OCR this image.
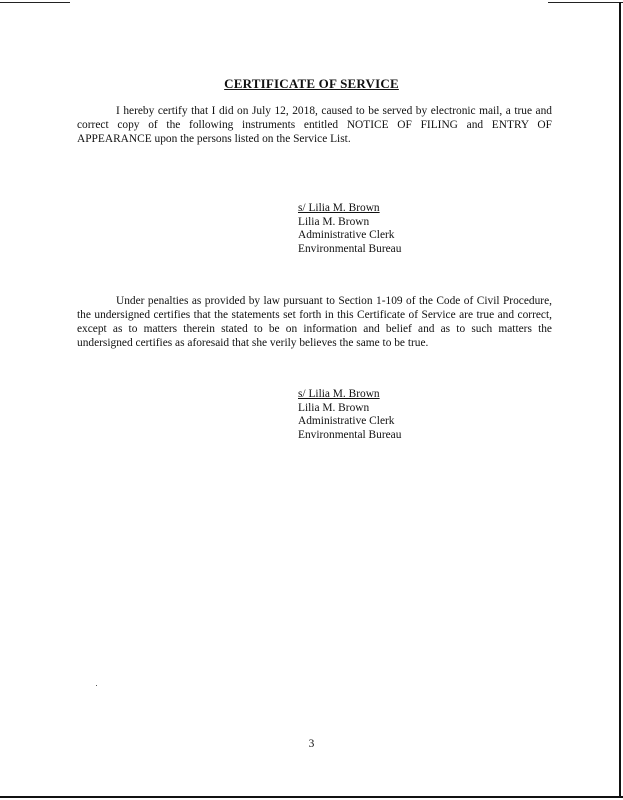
CERTIFICATE OF SERVICE
I hereby certify that I did on July 12, 2018, caused to be served by electronic mail, a true and correct copy of the following instruments entitled NOTICE OF FILING and ENTRY OF APPEARANCE upon the persons listed on the Service List.
s/ Lilia M. Brown
Lilia M. Brown
Administrative Clerk
Environmental Bureau
Under penalties as provided by law pursuant to Section 1-109 of the Code of Civil Procedure, the undersigned certifies that the statements set forth in this Certificate of Service are true and correct, except as to matters therein stated to be on information and belief and as to such matters the undersigned certifies as aforesaid that she verily believes the same to be true.
s/ Lilia M. Brown
Lilia M. Brown
Administrative Clerk
Environmental Bureau
3
